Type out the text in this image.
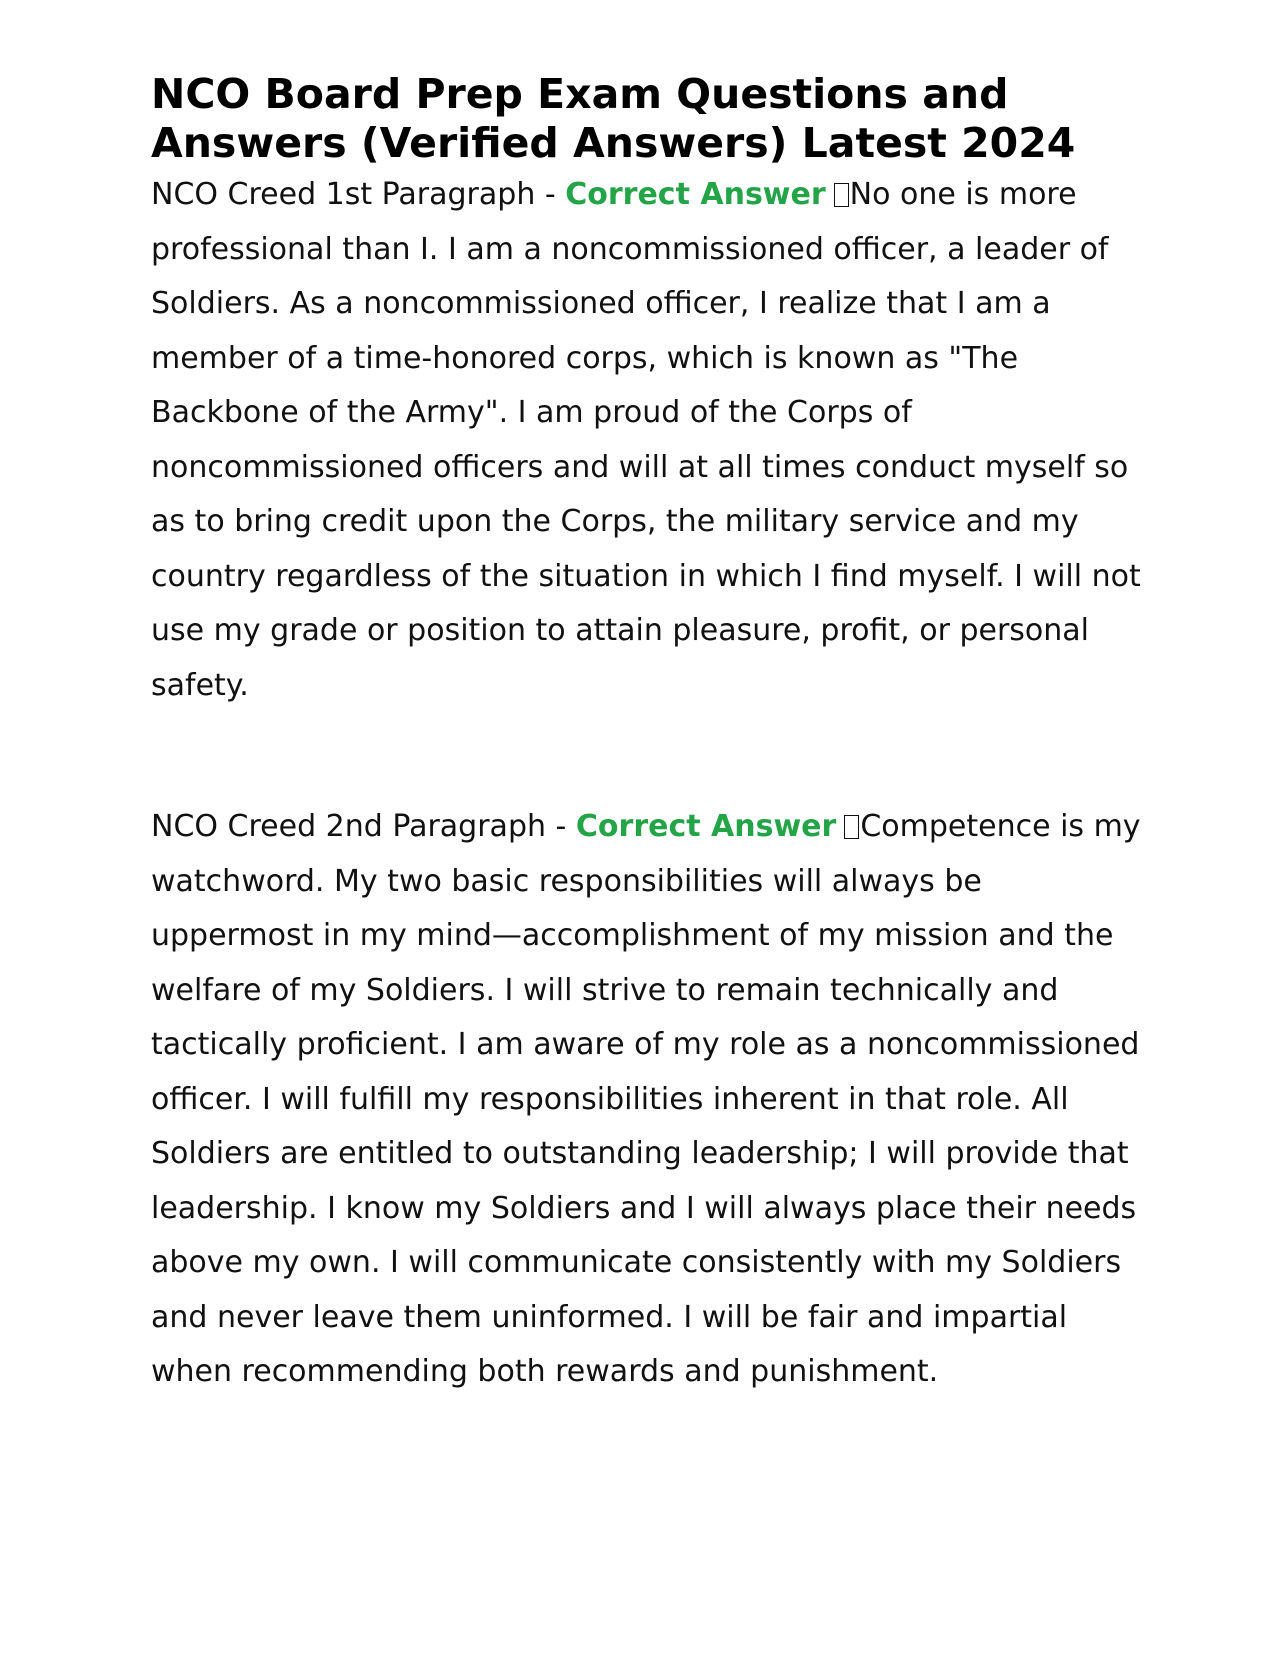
NCO Board Prep Exam Questions and Answers (Verified Answers) Latest 2024

NCO Creed 1st Paragraph - Correct Answer No one is more professional than I. I am a noncommissioned officer, a leader of Soldiers. As a noncommissioned officer, I realize that I am a member of a time-honored corps, which is known as "The Backbone of the Army". I am proud of the Corps of noncommissioned officers and will at all times conduct myself so as to bring credit upon the Corps, the military service and my country regardless of the situation in which I find myself. I will not use my grade or position to attain pleasure, profit, or personal safety.

NCO Creed 2nd Paragraph - Correct Answer Competence is my watchword. My two basic responsibilities will always be uppermost in my mind—accomplishment of my mission and the welfare of my Soldiers. I will strive to remain technically and tactically proficient. I am aware of my role as a noncommissioned officer. I will fulfill my responsibilities inherent in that role. All Soldiers are entitled to outstanding leadership; I will provide that leadership. I know my Soldiers and I will always place their needs above my own. I will communicate consistently with my Soldiers and never leave them uninformed. I will be fair and impartial when recommending both rewards and punishment.
